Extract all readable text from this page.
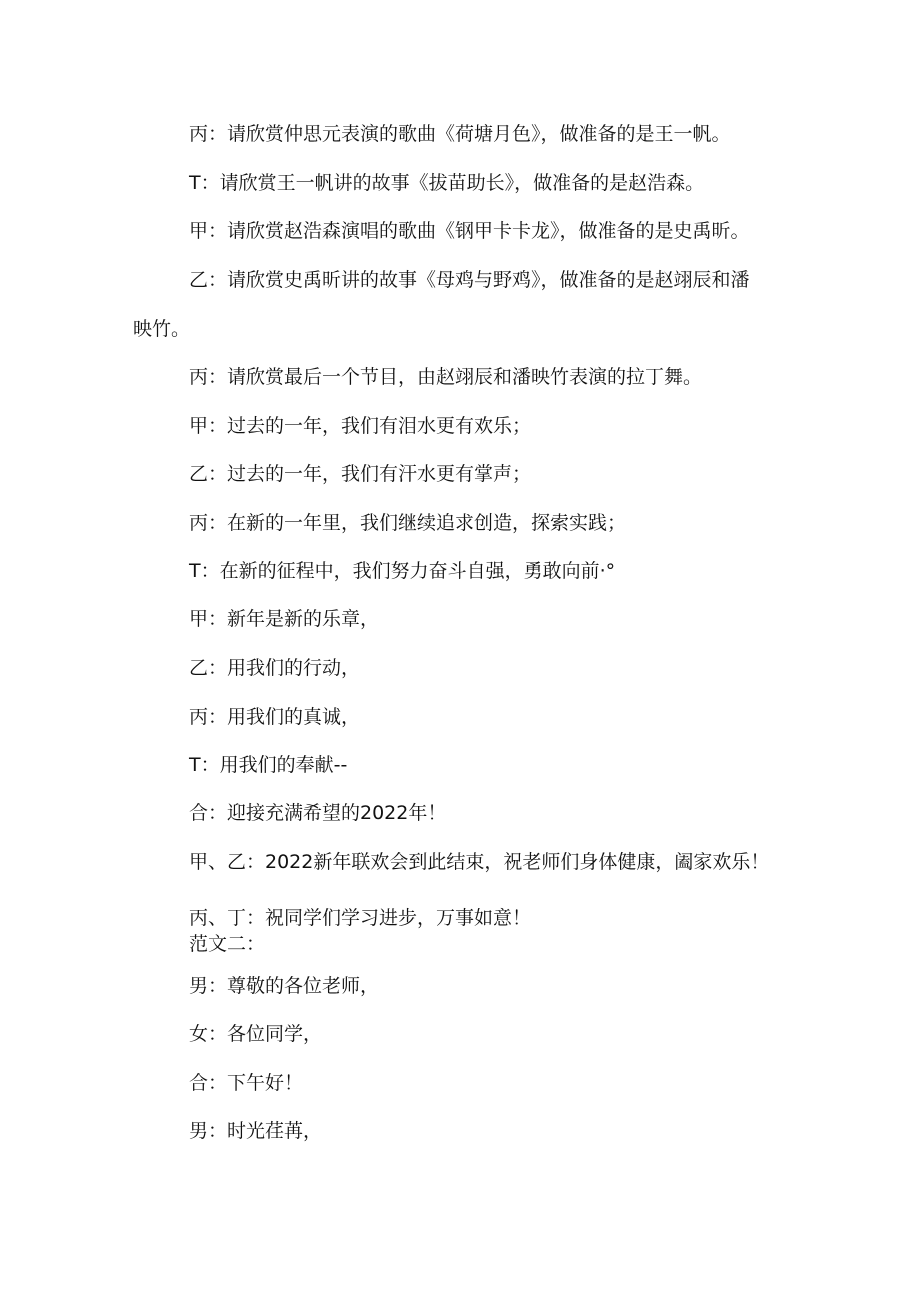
丙：请欣赏仲思元表演的歌曲《荷塘月色》，做准备的是王一帆。
T：请欣赏王一帆讲的故事《拔苗助长》，做准备的是赵浩森。
甲：请欣赏赵浩森演唱的歌曲《钢甲卡卡龙》，做准备的是史禹昕。
乙：请欣赏史禹昕讲的故事《母鸡与野鸡》，做准备的是赵翊辰和潘
映竹。
丙：请欣赏最后一个节目，由赵翊辰和潘映竹表演的拉丁舞。
甲：过去的一年，我们有泪水更有欢乐；
乙：过去的一年，我们有汗水更有掌声；
丙：在新的一年里，我们继续追求创造，探索实践；
T：在新的征程中，我们努力奋斗自强，勇敢向前·°
甲：新年是新的乐章，
乙：用我们的行动，
丙：用我们的真诚，
T：用我们的奉献--
合：迎接充满希望的2022年！
甲、乙：2022新年联欢会到此结束，祝老师们身体健康，阖家欢乐！
丙、丁：祝同学们学习进步，万事如意！
范文二：
男：尊敬的各位老师，
女：各位同学，
合：下午好！
男：时光荏苒，
